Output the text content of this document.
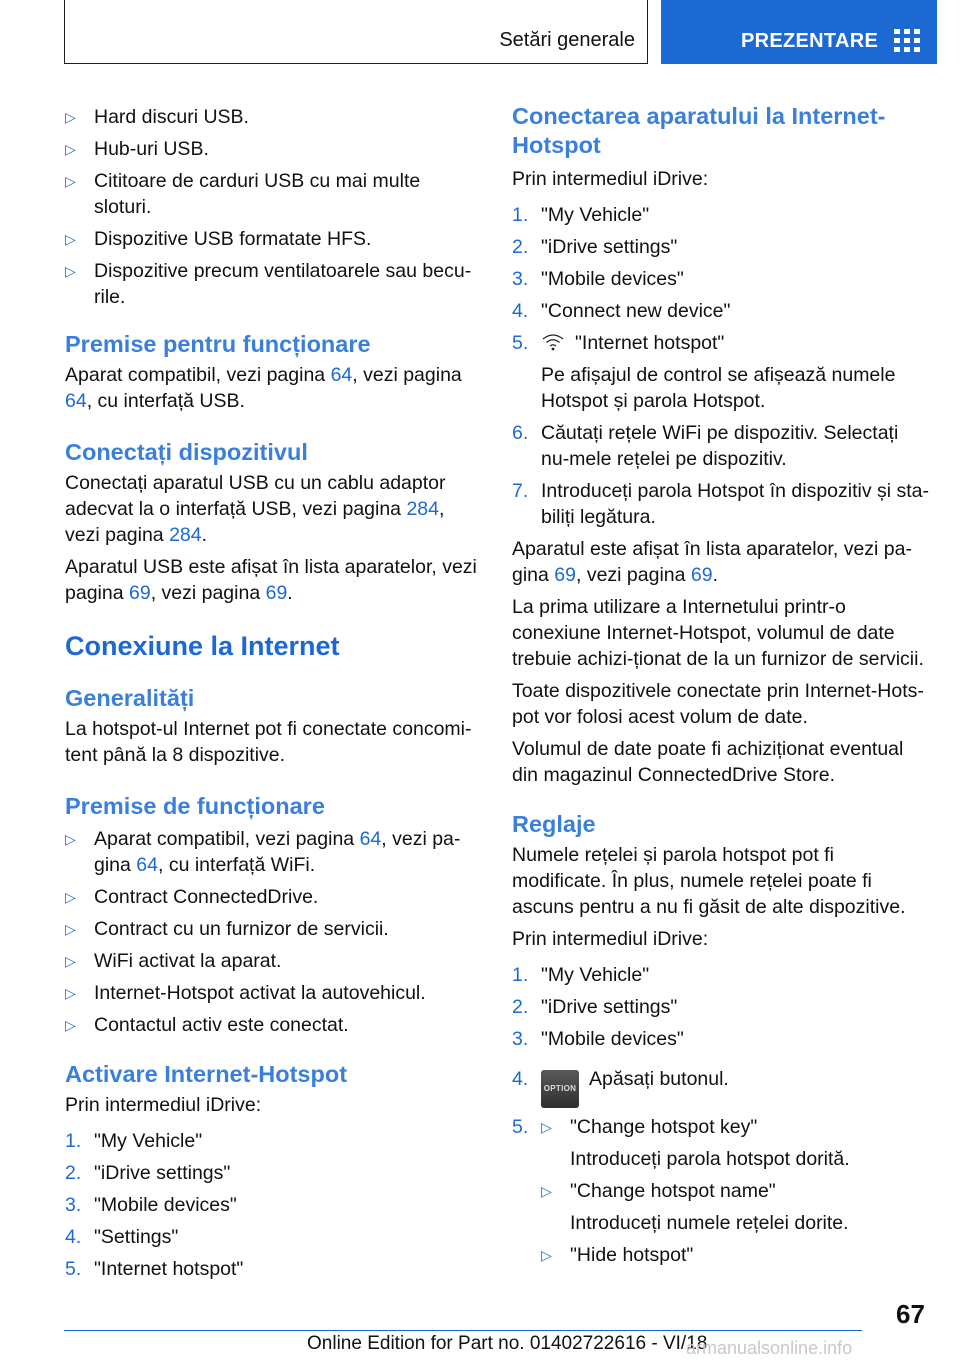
Setări generale	PREZENTARE
▷ Hard discuri USB.
▷ Hub-uri USB.
▷ Cititoare de carduri USB cu mai multe sloturi.
▷ Dispozitive USB formatate HFS.
▷ Dispozitive precum ventilatoarele sau becu-rile.
Premise pentru funcționare

Aparat compatibil, vezi pagina 64, vezi pagina 64, cu interfață USB.

Conectați dispozitivul

Conectați aparatul USB cu un cablu adaptor adecvat la o interfață USB, vezi pagina 284, vezi pagina 284.

Aparatul USB este afișat în lista aparatelor, vezi pagina 69, vezi pagina 69.

Conexiune la Internet
Generalități

La hotspot-ul Internet pot fi conectate concomi-tent până la 8 dispozitive.

Premise de funcționare
▷ Aparat compatibil, vezi pagina 64, vezi pa-gina 64, cu interfață WiFi.
▷ Contract ConnectedDrive.
▷ Contract cu un furnizor de servicii.
▷ WiFi activat la aparat.
▷ Internet-Hotspot activat la autovehicul.
▷ Contactul activ este conectat.
Activare Internet-Hotspot

Prin intermediul iDrive:

1. "My Vehicle"
2. "iDrive settings"
3. "Mobile devices"
4. "Settings"
5. "Internet hotspot"
Conectarea aparatului la Internet-Hotspot

Prin intermediul iDrive:

1. "My Vehicle"
2. "iDrive settings"
3. "Mobile devices"
4. "Connect new device"
5. "Internet hotspot"

Pe afișajul de control se afișează numele Hotspot și parola Hotspot.

6. Căutați rețele WiFi pe dispozitiv. Selectați nu-mele rețelei pe dispozitiv.
7. Introduceți parola Hotspot în dispozitiv și sta-biliți legătura.

Aparatul este afișat în lista aparatelor, vezi pa-gina 69, vezi pagina 69.

La prima utilizare a Internetului printr-o conexiune Internet-Hotspot, volumul de date trebuie achizi-ționat de la un furnizor de servicii.

Toate dispozitivele conectate prin Internet-Hots-pot vor folosi acest volum de date.

Volumul de date poate fi achiziționat eventual din magazinul ConnectedDrive Store.

Reglaje

Numele rețelei și parola hotspot pot fi modificate. În plus, numele rețelei poate fi ascuns pentru a nu fi găsit de alte dispozitive.

Prin intermediul iDrive:

1. "My Vehicle"
2. "iDrive settings"
3. "Mobile devices"
4. OPTION Apăsați butonul.
5. ▷ "Change hotspot key"

Introduceți parola hotspot dorită.

▷ "Change hotspot name"

Introduceți numele rețelei dorite.

▷ "Hide hotspot"
67
Online Edition for Part no. 01402722616 - VI/18
armanualsonline.info
